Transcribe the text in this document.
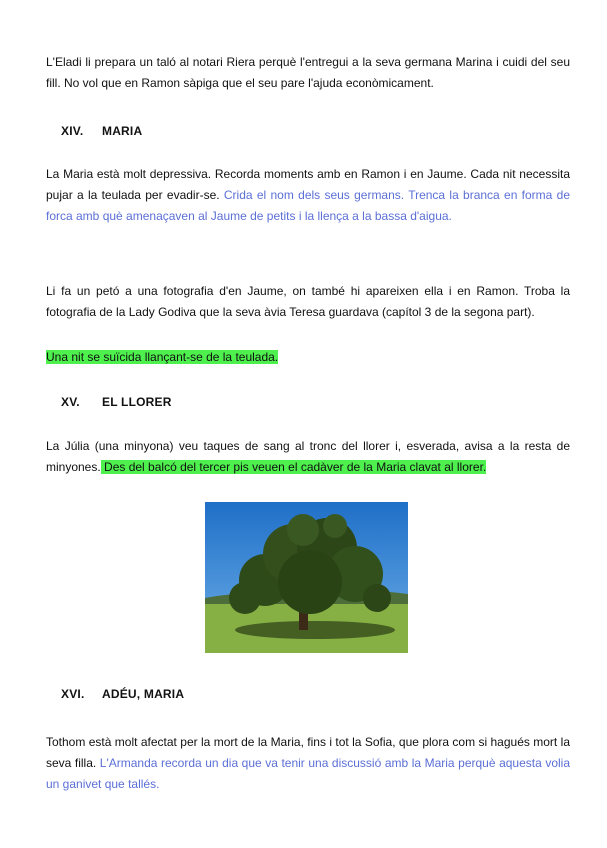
L'Eladi li prepara un taló al notari Riera perquè l'entregui a la seva germana Marina i cuidi del seu fill. No vol que en Ramon sàpiga que el seu pare l'ajuda econòmicament.

XIV. MARIA

La Maria està molt depressiva. Recorda moments amb en Ramon i en Jaume. Cada nit necessita pujar a la teulada per evadir-se. Crida el nom dels seus germans. Trenca la branca en forma de forca amb què amenaçaven al Jaume de petits i la llença a la bassa d'aigua.

Li fa un petó a una fotografia d'en Jaume, on també hi apareixen ella i en Ramon. Troba la fotografia de la Lady Godiva que la seva àvia Teresa guardava (capítol 3 de la segona part).

Una nit se suïcida llançant-se de la teulada.

XV. EL LLORER

La Júlia (una minyona) veu taques de sang al tronc del llorer i, esverada, avisa a la resta de minyones. Des del balcó del tercer pis veuen el cadàver de la Maria clavat al llorer.

XVI. ADÉU, MARIA

Tothom està molt afectat per la mort de la Maria, fins i tot la Sofia, que plora com si hagués mort la seva filla. L'Armanda recorda un dia que va tenir una discussió amb la Maria perquè aquesta volia un ganivet que tallés.
